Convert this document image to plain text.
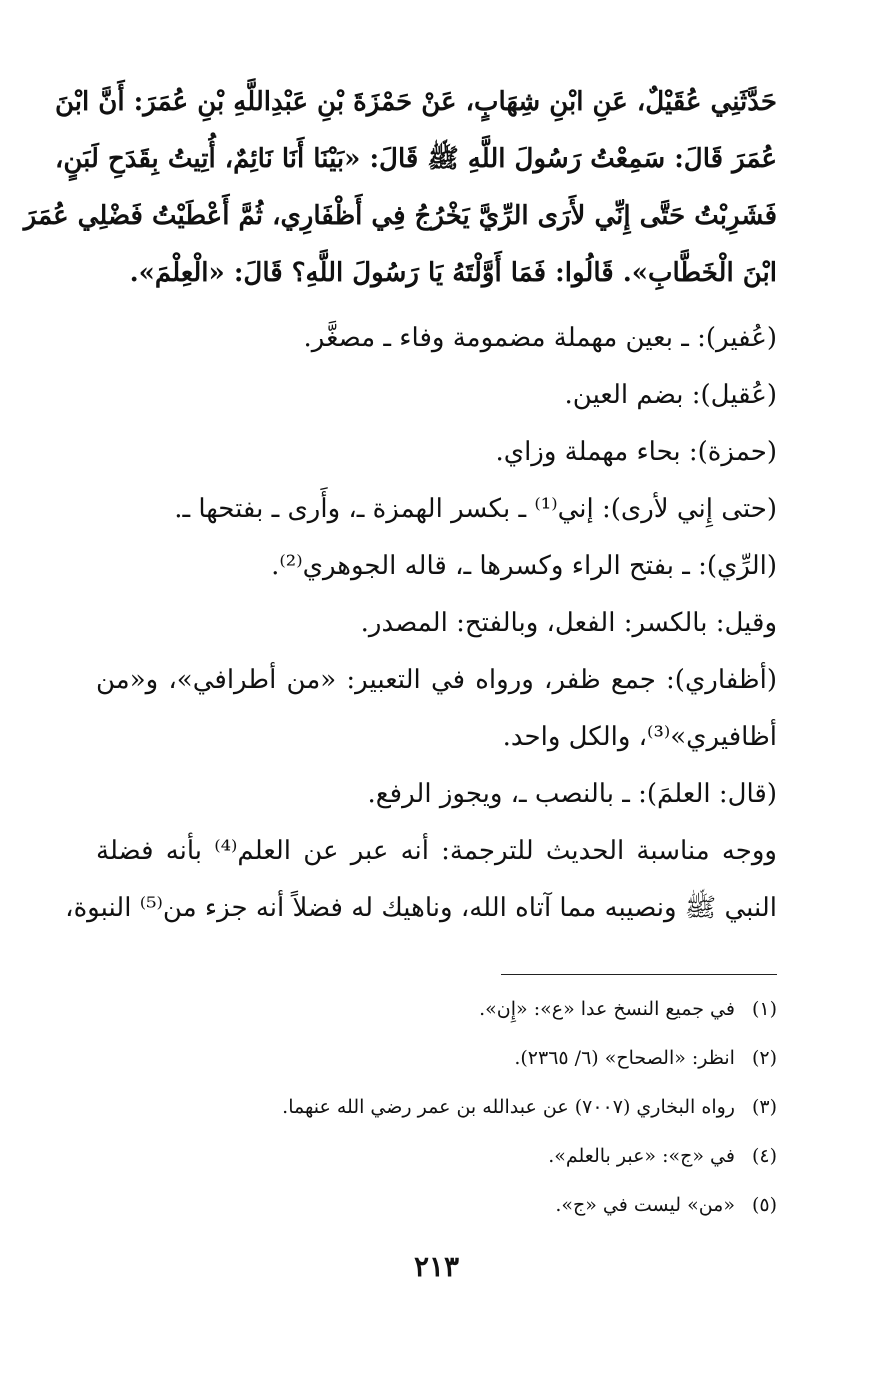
حَدَّثَنِي عُقَيْلٌ، عَنِ ابْنِ شِهَابٍ، عَنْ حَمْزَةَ بْنِ عَبْدِاللَّهِ بْنِ عُمَرَ: أَنَّ ابْنَ
عُمَرَ قَالَ: سَمِعْتُ رَسُولَ اللَّهِ ﷺ قَالَ: «بَيْنَا أَنَا نَائِمٌ، أُتِيتُ بِقَدَحِ لَبَنٍ،
فَشَرِبْتُ حَتَّى إِنِّي لأَرَى الرِّيَّ يَخْرُجُ فِي أَظْفَارِي، ثُمَّ أَعْطَيْتُ فَضْلِي عُمَرَ
ابْنَ الْخَطَّابِ». قَالُوا: فَمَا أَوَّلْتَهُ يَا رَسُولَ اللَّهِ؟ قَالَ: «الْعِلْمَ».
(عُفير): ـ بعين مهملة مضمومة وفاء ـ مصغَّر.
(عُقيل): بضم العين.
(حمزة): بحاء مهملة وزاي.
(حتى إِني لأرى): إني⁽¹⁾ ـ بكسر الهمزة ـ، وأَرى ـ بفتحها ـ.
(الرِّي): ـ بفتح الراء وكسرها ـ، قاله الجوهري⁽²⁾.
وقيل: بالكسر: الفعل، وبالفتح: المصدر.
(أظفاري): جمع ظفر، ورواه في التعبير: «من أطرافي»، و«من
أظافيري»⁽³⁾، والكل واحد.
(قال: العلمَ): ـ بالنصب ـ، ويجوز الرفع.
ووجه مناسبة الحديث للترجمة: أنه عبر عن العلم⁽⁴⁾ بأنه فضلة
النبي ﷺ ونصيبه مما آتاه الله، وناهيك له فضلاً أنه جزء من⁽⁵⁾ النبوة،
(١) في جميع النسخ عدا «ع»: «إِن».
(٢) انظر: «الصحاح» (٦/ ٢٣٦٥).
(٣) رواه البخاري (٧٠٠٧) عن عبدالله بن عمر رضي الله عنهما.
(٤) في «ج»: «عبر بالعلم».
(٥) «من» ليست في «ج».
٢١٣
